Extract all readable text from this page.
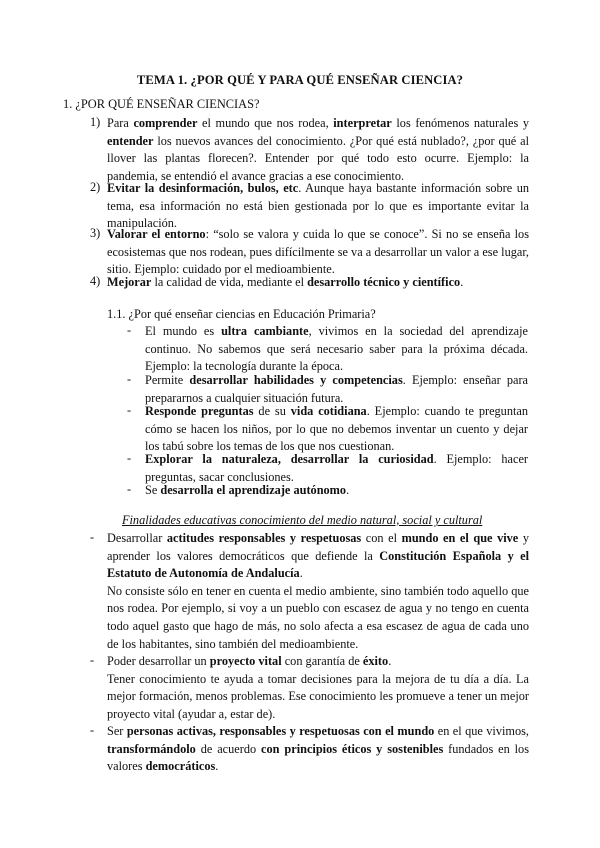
TEMA 1. ¿POR QUÉ Y PARA QUÉ ENSEÑAR CIENCIA?
1. ¿POR QUÉ ENSEÑAR CIENCIAS?
1) Para comprender el mundo que nos rodea, interpretar los fenómenos naturales y entender los nuevos avances del conocimiento. ¿Por qué está nublado?, ¿por qué al llover las plantas florecen?. Entender por qué todo esto ocurre. Ejemplo: la pandemia, se entendió el avance gracias a ese conocimiento.
2) Evitar la desinformación, bulos, etc. Aunque haya bastante información sobre un tema, esa información no está bien gestionada por lo que es importante evitar la manipulación.
3) Valorar el entorno: “solo se valora y cuida lo que se conoce”. Si no se enseña los ecosistemas que nos rodean, pues difícilmente se va a desarrollar un valor a ese lugar, sitio. Ejemplo: cuidado por el medioambiente.
4) Mejorar la calidad de vida, mediante el desarrollo técnico y científico.
1.1. ¿Por qué enseñar ciencias en Educación Primaria?
- El mundo es ultra cambiante, vivimos en la sociedad del aprendizaje continuo. No sabemos que será necesario saber para la próxima década. Ejemplo: la tecnología durante la época.
- Permite desarrollar habilidades y competencias. Ejemplo: enseñar para prepararnos a cualquier situación futura.
- Responde preguntas de su vida cotidiana. Ejemplo: cuando te preguntan cómo se hacen los niños, por lo que no debemos inventar un cuento y dejar los tabú sobre los temas de los que nos cuestionan.
- Explorar la naturaleza, desarrollar la curiosidad. Ejemplo: hacer preguntas, sacar conclusiones.
- Se desarrolla el aprendizaje autónomo.
Finalidades educativas conocimiento del medio natural, social y cultural
- Desarrollar actitudes responsables y respetuosas con el mundo en el que vive y aprender los valores democráticos que defiende la Constitución Española y el Estatuto de Autonomía de Andalucía.
No consiste sólo en tener en cuenta el medio ambiente, sino también todo aquello que nos rodea. Por ejemplo, si voy a un pueblo con escasez de agua y no tengo en cuenta todo aquel gasto que hago de más, no solo afecta a esa escasez de agua de cada uno de los habitantes, sino también del medioambiente.
- Poder desarrollar un proyecto vital con garantía de éxito.
Tener conocimiento te ayuda a tomar decisiones para la mejora de tu día a día. La mejor formación, menos problemas. Ese conocimiento les promueve a tener un mejor proyecto vital (ayudar a, estar de).
- Ser personas activas, responsables y respetuosas con el mundo en el que vivimos, transformándolo de acuerdo con principios éticos y sostenibles fundados en los valores democráticos.
